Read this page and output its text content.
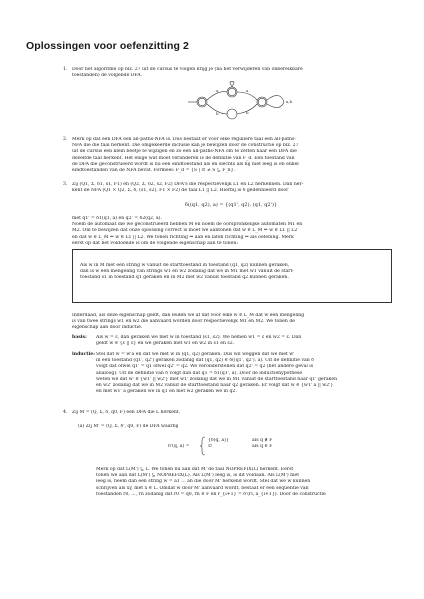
Oplossingen voor oefenzitting 2
1. Door het algoritme op blz. 27 uit de cursus te volgen krijg je (na het verwijderen van onbereikbare
toestanden) de volgende DFA.
a
b
a
b
a,b
2. Merk op dat een DFA een all-paths-NFA is. Dus bestaat er voor elke reguliere taal een all-paths-
NFA die die taal herkent. Die omgekeerde inclusie kan je bewijzen door de constructie op blz. 27
uit de cursus een klein beetje te wijzigen en zo een all-paths-NFA om te zetten naar een DFA die
dezelfde taal herkent. Het enige wat moet veranderen is de definitie van F_d. Een toestand van
de DFA die geconstrueerd wordt is nu een eindtoestand als en slechts als hij niet leeg is en enkel
eindtoestanden van de NFA bevat. Formeel: F_d = {S | ∅ ≠ S ⊆ F_n}.
3. Zij (Q1, Σ, δ1, s1, F1) en (Q2, Σ, δ2, s2, F2) DFA's die respectievelijk L1 en L2 herkennen. Dan her-
kent de NFA (Q1 × Q2, Σ, δ, (s1, s2), F1 × F2) de taal L1 || L2. Hierbij is δ gedefinieerd door
δ((q1, q2), a) = {(q1', q2), (q1, q2')}
met q1' = δ1(q1, a) en q2' = δ2(q2, a).
Noem de automaat die we geconstrueerd hebben M en noem de oorspronkelijke automaten M1 en
M2. Om te bewijzen dat onze oplossing correct is moet we aantonen dat w ∈ L_M ⇔ w ∈ L1 || L2
en dat w ∈ L_M ⇐ w ∈ L1 || L2. We tonen richting ⇒ aan en laten richting ⇐ als oefening. Merk
eerst op dat het voldoende is om de volgende eigenschap aan te tonen:
Als w in M met een string w vanuit de starttoestand in toestand (q1, q2) kunnen geraken,
dan is w een mengeling van strings w1 en w2 zodanig dat we in M1 met w1 vanuit de start-
toestand s1 in toestand q1 geraken en in M2 met w2 vanuit toestand q2 kunnen geraken.
Inderdaad, als deze eigenschap geldt, dan leiden we af dat voor elke w ∈ L_M dat w een mengeling
is van twee strings w1 en w2 die aanvaard worden door respectievelijk M1 en M2. We tonen de
eigenschap aan door inductie.
basis: Als w = ε, dan geraken we met w in toestand (s1, s2). We nemen w1 = ε en w2 = ε. Dan
geldt w ∈ {ε || ε} en we geraken met w1 en w2 in s1 en s2.
inductie: Stel dat w = w'a en dat we met w in (q1, q2) geraken. Dus wil weggen dat we met w'
in een toestand (q1', q2') geraken zodanig dat (q1, q2) ∈ δ((q1', q2'), a). Uit de definitie van δ
volgt dat ofwel q1' = q1 ofwel q2' = q2. We veronderstellen dat q2' = q2 (het andere geval is
analoog). Uit de definitie van δ volgt dan dat q1 = δ1(q1', a). Door de inductiehypothese
weten we dat w' ∈ {w1' || w2'} met w1' zodanig dat we in M1 vanuit de starttoestand naar q1' geraken
en w2' zodanig dat we in M2 vanuit de starttoestand naar q2 geraken. Er volgt dat w ∈ {w1' a || w2'}
en met w1' a geraken we in q1 en met w2 geraken we in q2.
4. Zij M = (Q, Σ, δ, q0, F) een DFA die L herkent.
(a) Zij M' = (Q, Σ, δ', q0, F) de DFA waarbij
δ'(q, a) =
{δ(q, a)}
∅
als q ∉ F
als q ∈ F
Merk op dat L(M') ⊆ L. We tonen nu aan dat M' de taal NOPREFIX(L) herkent. Eerst
tonen we aan dat L(M') ⊆ NOPREFIX(L). Als L(M') leeg is, is dit voldaan. Als L(M') niet
leeg is, neem dan een string w = a1 ... an die door M' herkend wordt. Stel dat we w kunnen
schrijven als xy, met x ∈ L. Omdat w door M' aanvaard wordt, bestaat er een sequentie van
toestanden r0, ..., rn zodanig dat r0 = q0, rn ∈ F en r_{i+1} = δ'(ri, a_{i+1}). Door de constructie
